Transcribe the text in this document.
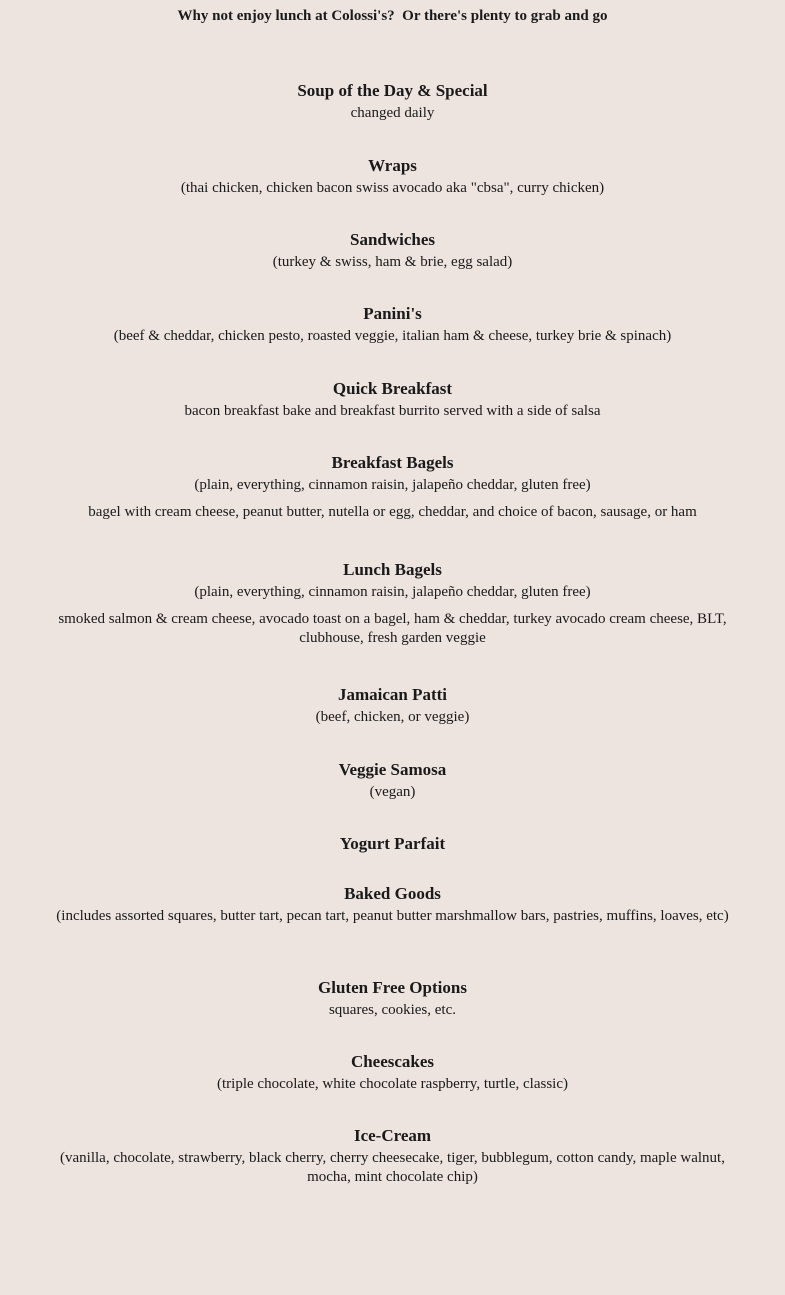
Why not enjoy lunch at Colossi's?  Or there's plenty to grab and go
Soup of the Day & Special
changed daily
Wraps
(thai chicken, chicken bacon swiss avocado aka "cbsa", curry chicken)
Sandwiches
(turkey & swiss, ham & brie, egg salad)
Panini's
(beef & cheddar, chicken pesto, roasted veggie, italian ham & cheese, turkey brie & spinach)
Quick Breakfast
bacon breakfast bake and breakfast burrito served with a side of salsa
Breakfast Bagels
(plain, everything, cinnamon raisin, jalapeño cheddar, gluten free)
bagel with cream cheese, peanut butter, nutella or egg, cheddar, and choice of bacon, sausage, or ham
Lunch Bagels
(plain, everything, cinnamon raisin, jalapeño cheddar, gluten free)
smoked salmon & cream cheese, avocado toast on a bagel, ham & cheddar, turkey avocado cream cheese, BLT, clubhouse, fresh garden veggie
Jamaican Patti
(beef, chicken, or veggie)
Veggie Samosa
(vegan)
Yogurt Parfait
Baked Goods
(includes assorted squares, butter tart, pecan tart, peanut butter marshmallow bars, pastries, muffins, loaves, etc)
Gluten Free Options
squares, cookies, etc.
Cheescakes
(triple chocolate, white chocolate raspberry, turtle, classic)
Ice-Cream
(vanilla, chocolate, strawberry, black cherry, cherry cheesecake, tiger, bubblegum, cotton candy, maple walnut, mocha, mint chocolate chip)
